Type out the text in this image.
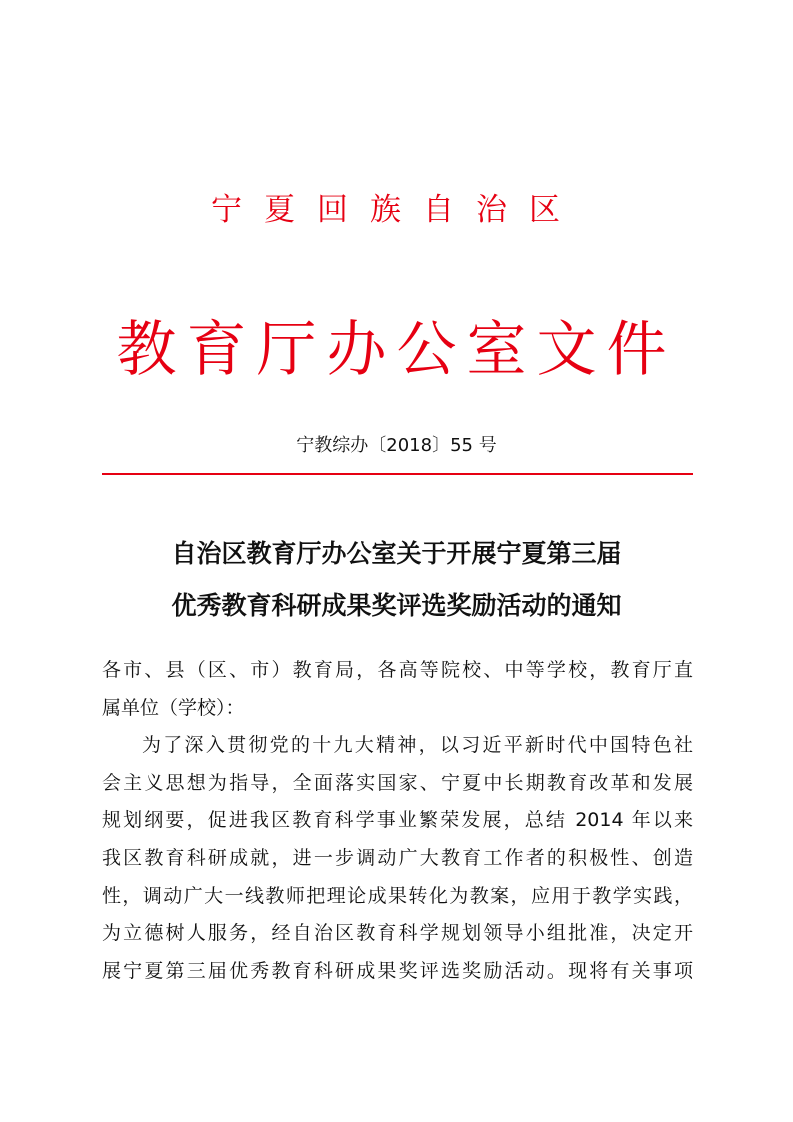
宁夏回族自治区
教育厅办公室文件
宁教综办〔2018〕55 号
自治区教育厅办公室关于开展宁夏第三届
优秀教育科研成果奖评选奖励活动的通知
各市、县（区、市）教育局，各高等院校、中等学校，教育厅直
属单位（学校）：
为了深入贯彻党的十九大精神，以习近平新时代中国特色社
会主义思想为指导，全面落实国家、宁夏中长期教育改革和发展
规划纲要，促进我区教育科学事业繁荣发展，总结 2014 年以来
我区教育科研成就，进一步调动广大教育工作者的积极性、创造
性，调动广大一线教师把理论成果转化为教案，应用于教学实践，
为立德树人服务，经自治区教育科学规划领导小组批准，决定开
展宁夏第三届优秀教育科研成果奖评选奖励活动。现将有关事项
